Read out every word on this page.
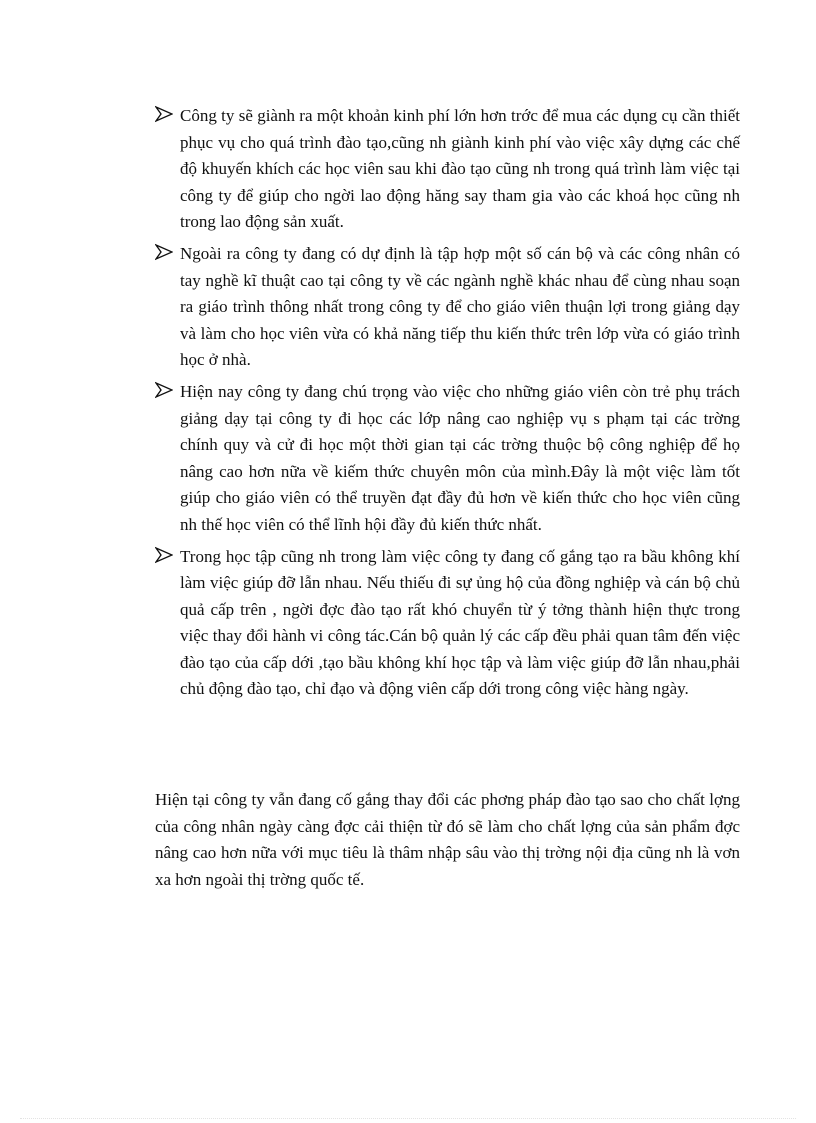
Công ty sẽ giành ra một khoản kinh phí lớn hơn trớc để mua các dụng cụ cần thiết phục vụ cho quá trình đào tạo,cũng nh giành kinh phí vào việc xây dựng các chế độ khuyến khích các học viên sau khi đào tạo cũng nh trong quá trình làm việc tại công ty để giúp cho ngời lao động hăng say tham gia vào các khoá học cũng nh trong lao động sản xuất.
Ngoài ra công ty đang có dự định là tập hợp một số cán bộ và các công nhân có tay nghề kĩ thuật cao tại công ty về các ngành nghề khác nhau để cùng nhau soạn ra giáo trình thông nhất trong công ty để cho giáo viên thuận lợi trong giảng dạy và làm cho học viên vừa có khả năng tiếp thu kiến thức trên lớp vừa có giáo trình học ở nhà.
Hiện nay công ty đang chú trọng vào việc cho những giáo viên còn trẻ phụ trách giảng dạy tại công ty đi học các lớp nâng cao nghiệp vụ s phạm tại các trờng chính quy và cử đi học một thời gian tại các trờng thuộc bộ công nghiệp để họ nâng cao hơn nữa về kiếm thức chuyên môn của mình.Đây là một việc làm tốt giúp cho giáo viên có thể truyền đạt đầy đủ hơn về kiến thức cho học viên cũng nh thế học viên có thể lĩnh hội đầy đủ kiến thức nhất.
Trong học tập cũng nh trong làm việc công ty đang cố gắng tạo ra bầu không khí làm việc giúp đỡ lẫn nhau. Nếu thiếu đi sự ủng hộ của đồng nghiệp và cán bộ chủ quả cấp trên , ngời đợc đào tạo rất khó chuyển từ ý tởng thành hiện thực trong việc thay đổi hành vi công tác.Cán bộ quản lý các cấp đều phải quan tâm đến việc đào tạo của cấp dới ,tạo bầu không khí học tập và làm việc giúp đỡ lẫn nhau,phải chủ động đào tạo, chỉ đạo và động viên cấp dới trong công việc hàng ngày.

Hiện tại công ty vẫn đang cố gắng thay đổi các phơng pháp đào tạo sao cho chất lợng của công nhân ngày càng đợc cải thiện từ đó sẽ làm cho chất lợng của sản phẩm đợc nâng cao hơn nữa với mục tiêu là thâm nhập sâu vào thị trờng nội địa cũng nh là vơn xa hơn ngoài thị trờng quốc tế.
